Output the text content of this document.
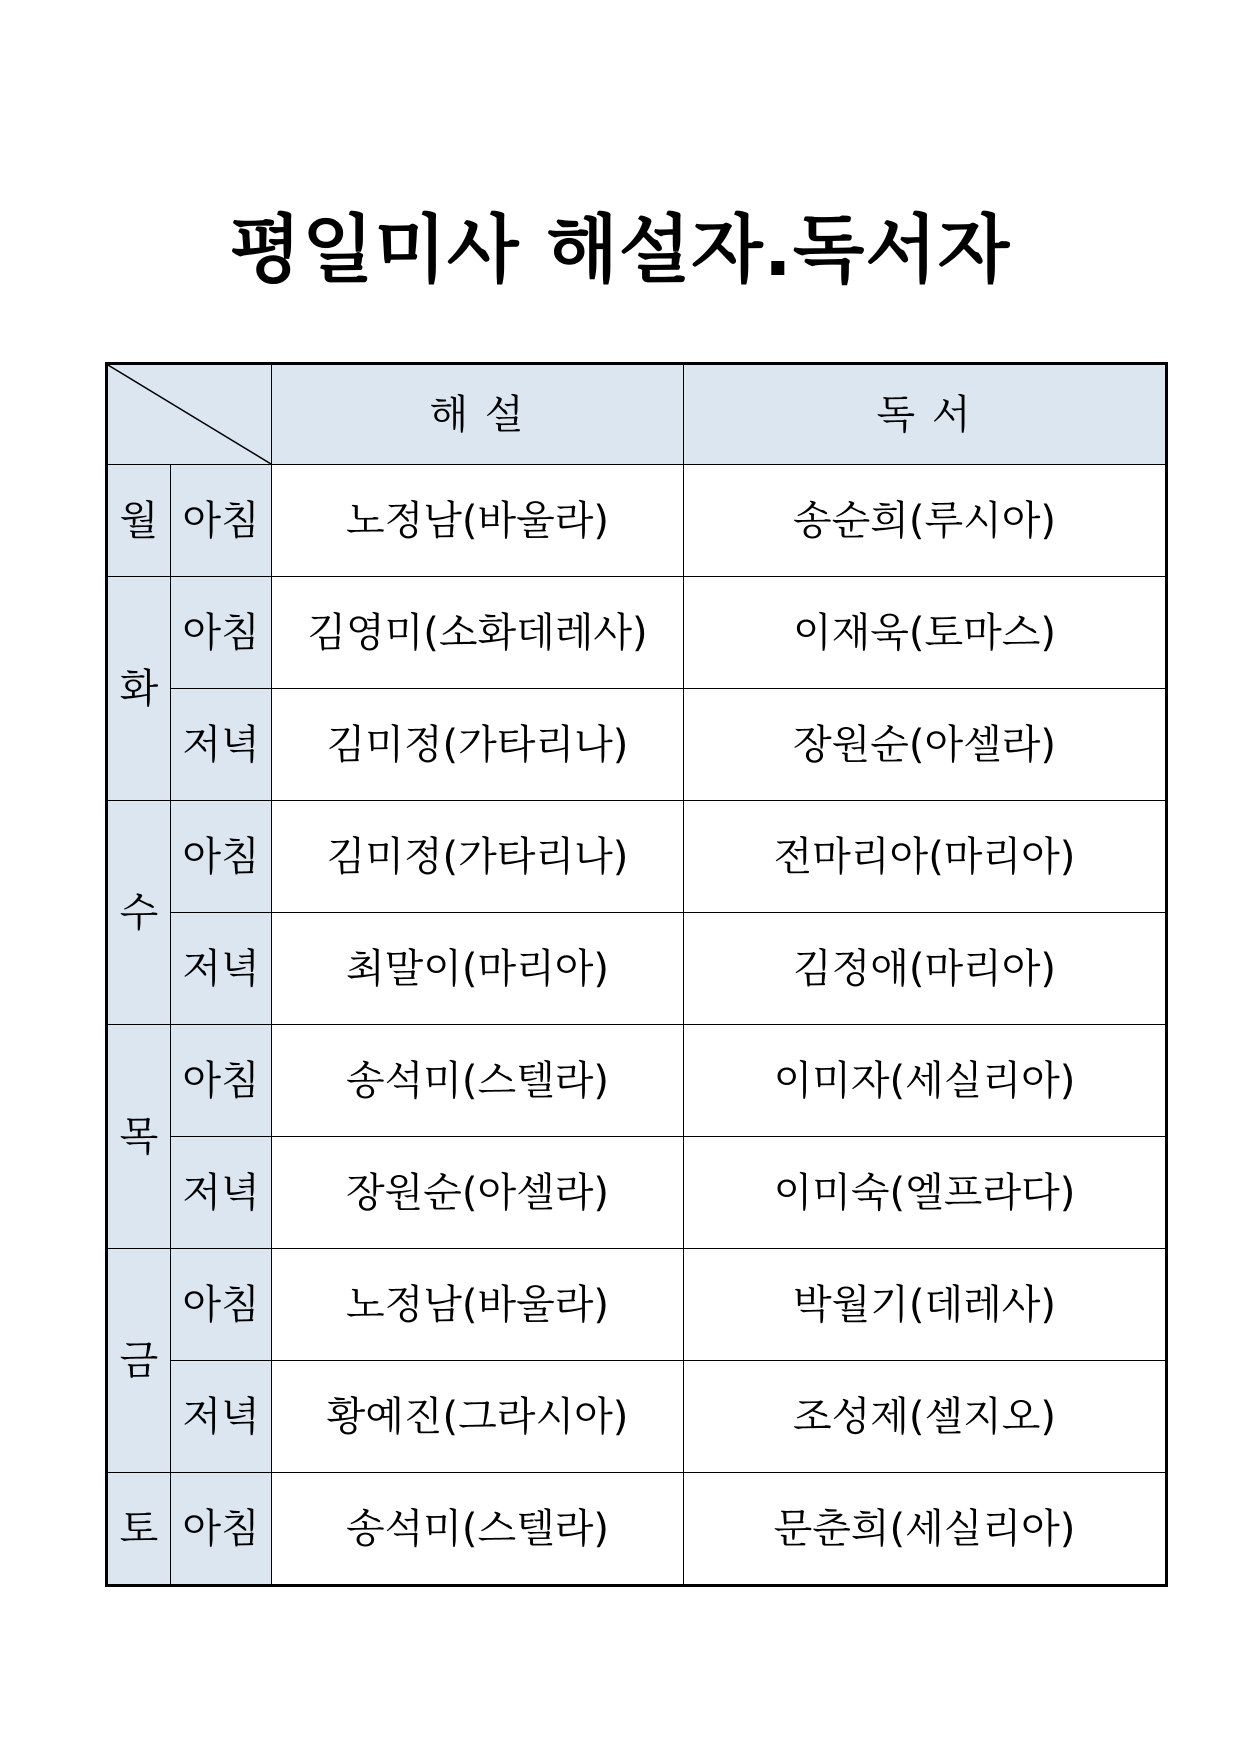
평일미사 해설자.독서자
	해 설	독 서
월	아침	노정남(바울라)	송순희(루시아)
화	아침	김영미(소화데레사)	이재욱(토마스)
	저녁	김미정(가타리나)	장원순(아셀라)
수	아침	김미정(가타리나)	전마리아(마리아)
	저녁	최말이(마리아)	김정애(마리아)
목	아침	송석미(스텔라)	이미자(세실리아)
	저녁	장원순(아셀라)	이미숙(엘프라다)
금	아침	노정남(바울라)	박월기(데레사)
	저녁	황예진(그라시아)	조성제(셀지오)
토	아침	송석미(스텔라)	문춘희(세실리아)
